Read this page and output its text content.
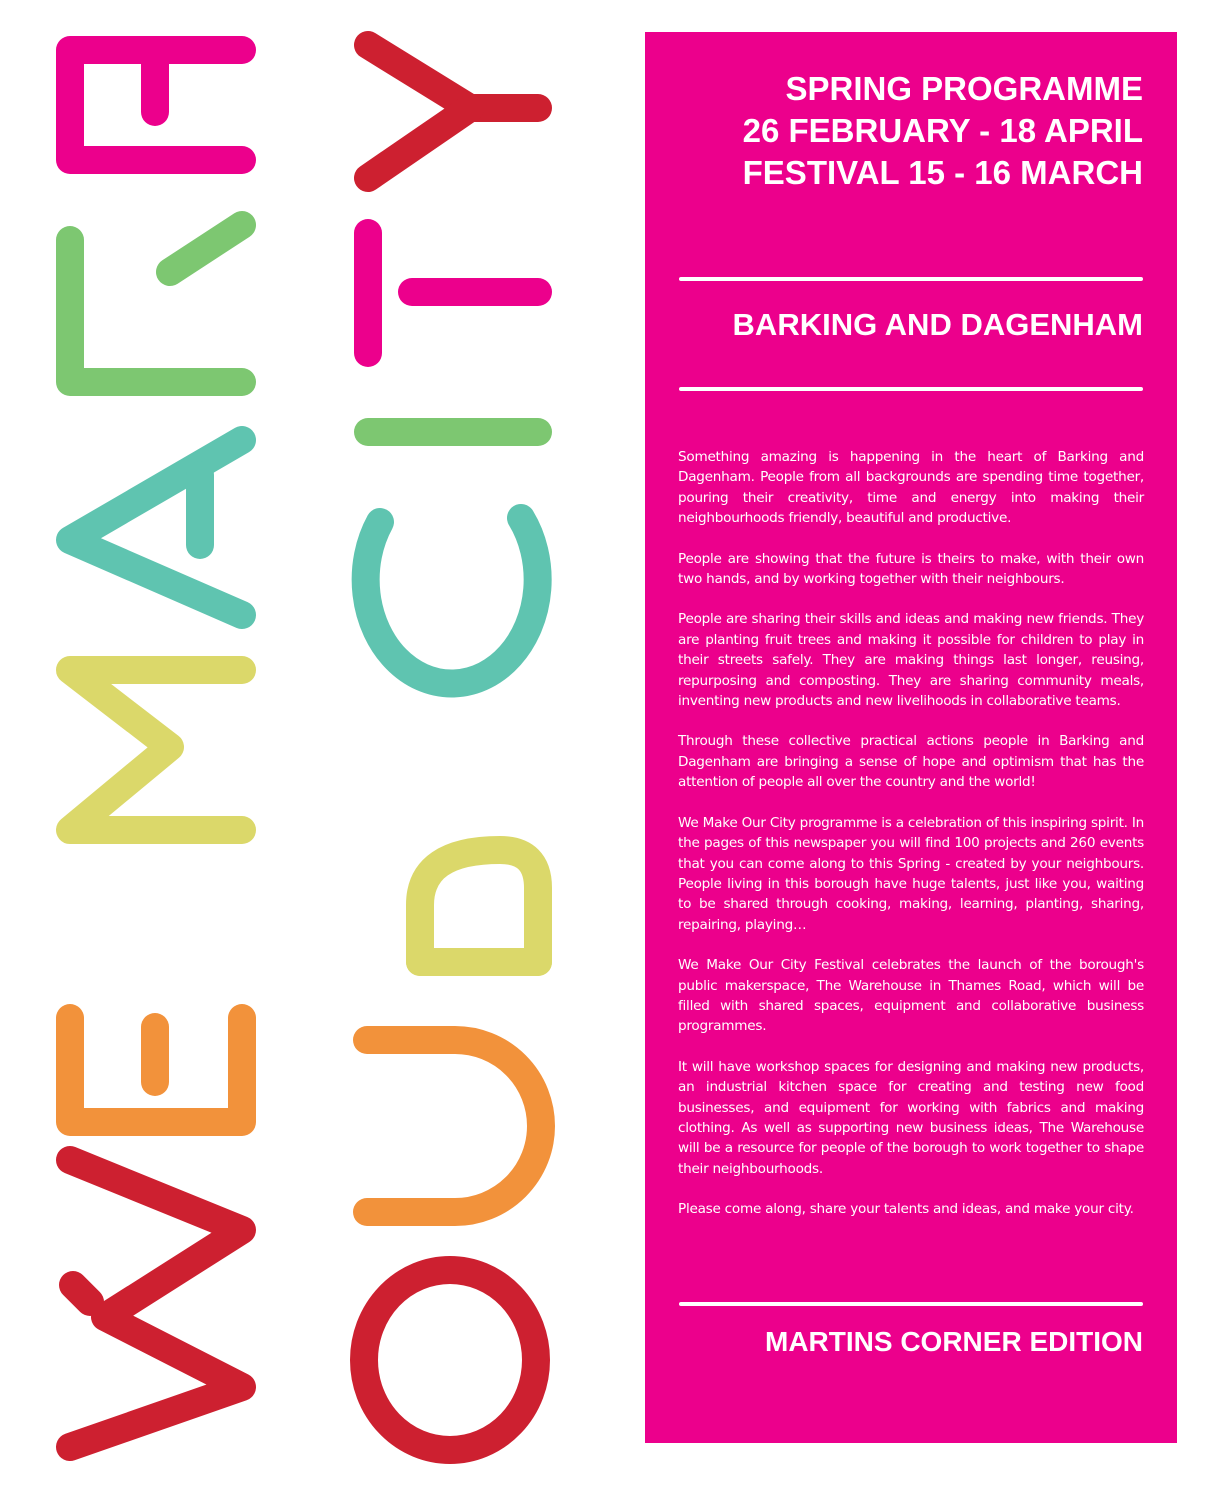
SPRING PROGRAMME
26 FEBRUARY - 18 APRIL
FESTIVAL 15 - 16 MARCH
BARKING AND DAGENHAM

Something amazing is happening in the heart of Barking and Dagenham. People from all backgrounds are spending time together, pouring their creativity, time and energy into making their neighbourhoods friendly, beautiful and productive.

People are showing that the future is theirs to make, with their own two hands, and by working together with their neighbours.

People are sharing their skills and ideas and making new friends. They are planting fruit trees and making it possible for children to play in their streets safely. They are making things last longer, reusing, repurposing and composting. They are sharing community meals, inventing new products and new livelihoods in collaborative teams.

Through these collective practical actions people in Barking and Dagenham are bringing a sense of hope and optimism that has the attention of people all over the country and the world!

We Make Our City programme is a celebration of this inspiring spirit. In the pages of this newspaper you will find 100 projects and 260 events that you can come along to this Spring - created by your neighbours. People living in this borough have huge talents, just like you, waiting to be shared through cooking, making, learning, planting, sharing, repairing, playing…

We Make Our City Festival celebrates the launch of the borough's public makerspace, The Warehouse in Thames Road, which will be filled with shared spaces, equipment and collaborative business programmes.

It will have workshop spaces for designing and making new products, an industrial kitchen space for creating and testing new food businesses, and equipment for working with fabrics and making clothing. As well as supporting new business ideas, The Warehouse will be a resource for people of the borough to work together to shape their neighbourhoods.

Please come along, share your talents and ideas, and make your city.

MARTINS CORNER EDITION
